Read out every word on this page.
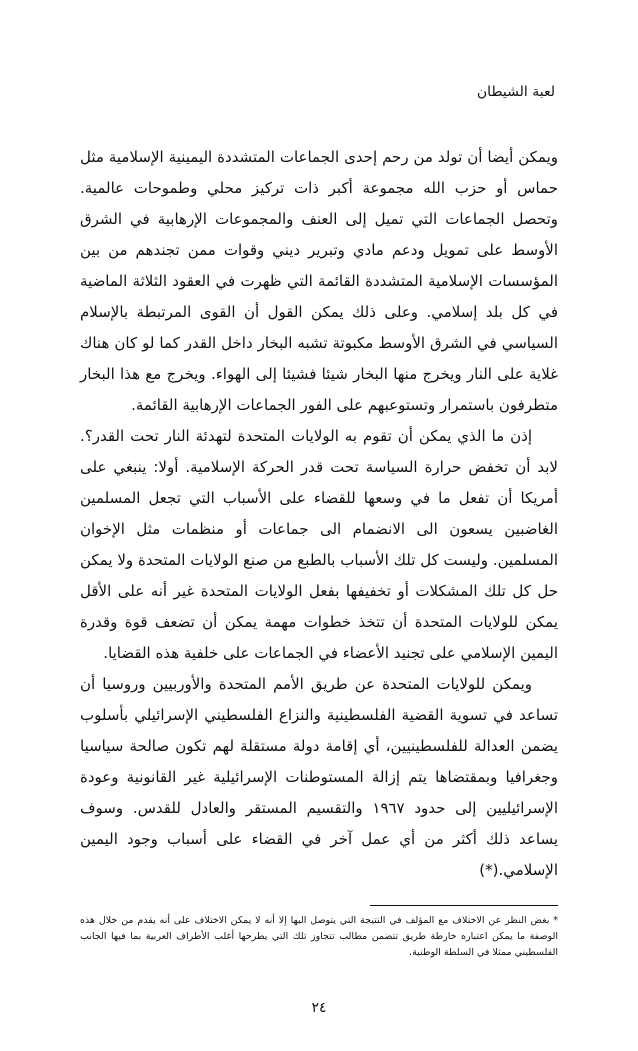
لعبة الشيطان

ويمكن أيضا أن تولد من رحم إحدى الجماعات المتشددة اليمينية الإسلامية مثل حماس أو حزب الله مجموعة أكبر ذات تركيز محلي وطموحات عالمية. وتحصل الجماعات التي تميل إلى العنف والمجموعات الإرهابية في الشرق الأوسط على تمويل ودعم مادي وتبرير ديني وقوات ممن تجندهم من بين المؤسسات الإسلامية المتشددة القائمة التي ظهرت في العقود الثلاثة الماضية في كل بلد إسلامي. وعلى ذلك يمكن القول أن القوى المرتبطة بالإسلام السياسي في الشرق الأوسط مكبوتة تشبه البخار داخل القدر كما لو كان هناك غلاية على النار ويخرج منها البخار شيئا فشيئا إلى الهواء. ويخرج مع هذا البخار متطرفون باستمرار وتستوعبهم على الفور الجماعات الإرهابية القائمة.

إذن ما الذي يمكن أن تقوم به الولايات المتحدة لتهدئة النار تحت القدر؟. لابد أن تخفض حرارة السياسة تحت قدر الحركة الإسلامية. أولا: ينبغي على أمريكا أن تفعل ما في وسعها للقضاء على الأسباب التي تجعل المسلمين الغاضبين يسعون الى الانضمام الى جماعات أو منظمات مثل الإخوان المسلمين. وليست كل تلك الأسباب بالطبع من صنع الولايات المتحدة ولا يمكن حل كل تلك المشكلات أو تخفيفها بفعل الولايات المتحدة غير أنه على الأقل يمكن للولايات المتحدة أن تتخذ خطوات مهمة يمكن أن تضعف قوة وقدرة اليمين الإسلامي على تجنيد الأعضاء في الجماعات على خلفية هذه القضايا.

ويمكن للولايات المتحدة عن طريق الأمم المتحدة والأوربيين وروسيا أن تساعد في تسوية القضية الفلسطينية والنزاع الفلسطيني الإسرائيلي بأسلوب يضمن العدالة للفلسطينيين، أي إقامة دولة مستقلة لهم تكون صالحة سياسيا وجغرافيا وبمقتضاها يتم إزالة المستوطنات الإسرائيلية غير القانونية وعودة الإسرائيليين إلى حدود ١٩٦٧ والتقسيم المستقر والعادل للقدس. وسوف يساعد ذلك أكثر من أي عمل آخر في القضاء على أسباب وجود اليمين الإسلامي.(*)

* بغض النظر عن الاختلاف مع المؤلف في النتيجة التي يتوصل اليها إلا أنه لا يمكن الاختلاف على أنه يقدم من خلال هذه الوصفة ما يمكن اعتباره خارطة طريق تتضمن مطالب تتجاوز تلك التي يطرحها أغلب الأطراف العربية بما فيها الجانب الفلسطيني ممثلا في السلطة الوطنية.
٢٤
